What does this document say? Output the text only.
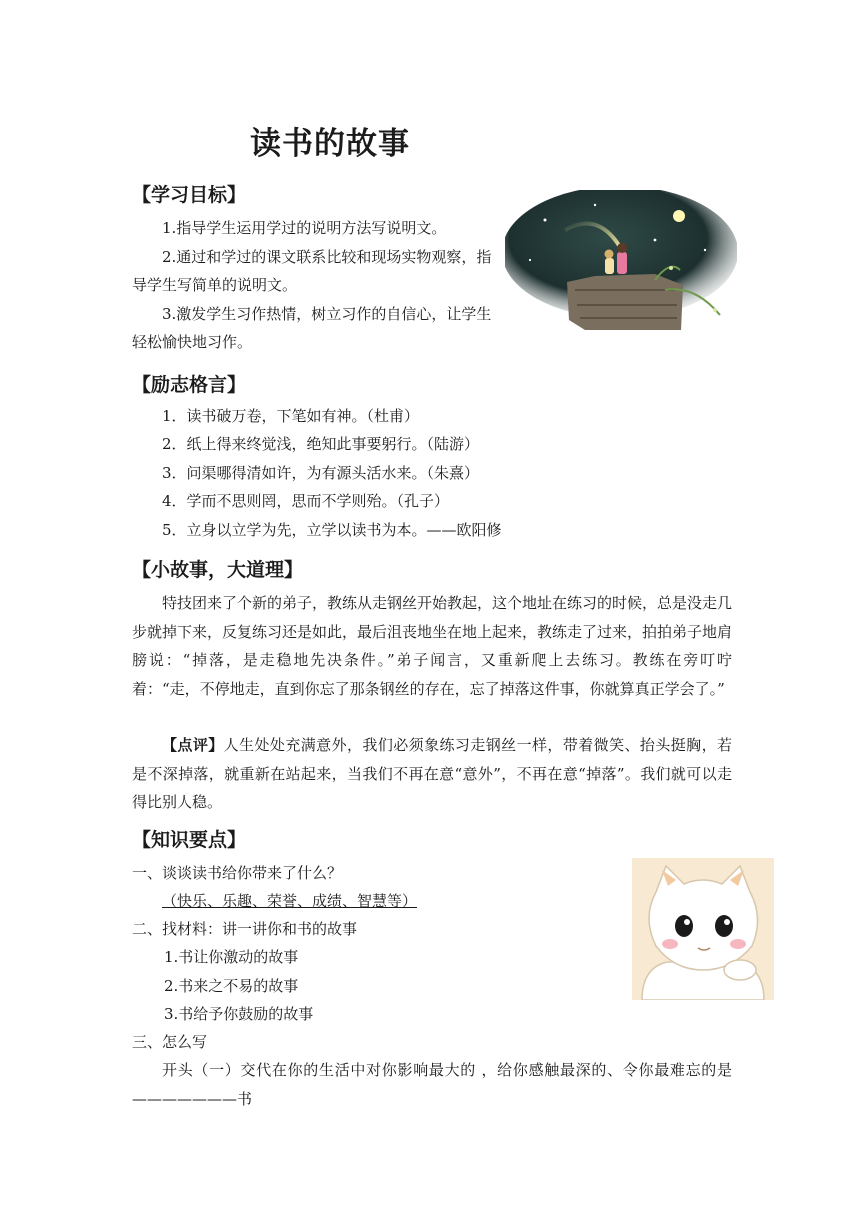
读书的故事
【学习目标】

1.指导学生运用学过的说明方法写说明文。

2.通过和学过的课文联系比较和现场实物观察，指导学生写简单的说明文。

3.激发学生习作热情，树立习作的自信心，让学生轻松愉快地习作。

【励志格言】
1．读书破万卷，下笔如有神。（杜甫）
2．纸上得来终觉浅，绝知此事要躬行。（陆游）
3．问渠哪得清如许，为有源头活水来。（朱熹）
4．学而不思则罔，思而不学则殆。（孔子）
5．立身以立学为先，立学以读书为本。——欧阳修
【小故事，大道理】
特技团来了个新的弟子，教练从走钢丝开始教起，这个地址在练习的时候，总是没走几步就掉下来，反复练习还是如此，最后沮丧地坐在地上起来，教练走了过来，拍拍弟子地肩膀说：“掉落，是走稳地先决条件。”弟子闻言，又重新爬上去练习。教练在旁叮咛着：“走，不停地走，直到你忘了那条钢丝的存在，忘了掉落这件事，你就算真正学会了。”
【点评】人生处处充满意外，我们必须象练习走钢丝一样，带着微笑、抬头挺胸，若是不深掉落，就重新在站起来，当我们不再在意“意外”，不再在意“掉落”。我们就可以走得比别人稳。
【知识要点】
一、谈谈读书给你带来了什么？
（快乐、乐趣、荣誉、成绩、智慧等）
二、找材料：讲一讲你和书的故事
1.书让你激动的故事
2.书来之不易的故事
3.书给予你鼓励的故事
三、怎么写
开头（一）交代在你的生活中对你影响最大的 ，给你感触最深的、令你最难忘的是———————书
